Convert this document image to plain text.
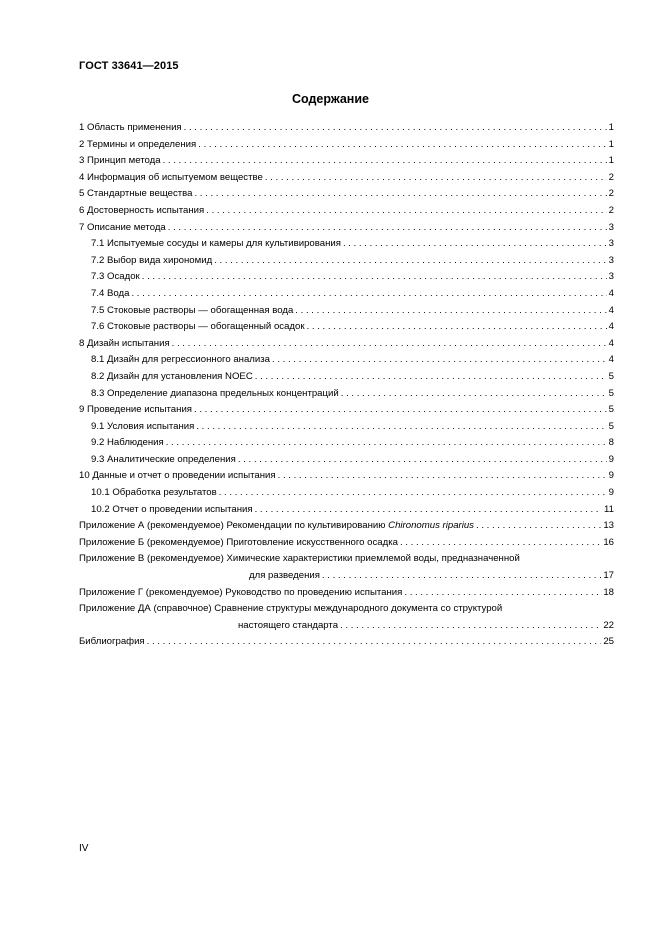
ГОСТ 33641—2015
Содержание
1 Область применения . . .	1
2 Термины и определения . . .	1
3 Принцип метода . . .	1
4 Информация об испытуемом веществе . . .	2
5 Стандартные вещества . . .	2
6 Достоверность испытания . . .	2
7 Описание метода . . .	3
7.1 Испытуемые сосуды и камеры для культивирования . . .	3
7.2 Выбор вида хирономид . . .	3
7.3 Осадок . . .	3
7.4 Вода . . .	4
7.5 Стоковые растворы — обогащенная вода . . .	4
7.6 Стоковые растворы — обогащенный осадок . . .	4
8 Дизайн испытания . . .	4
8.1 Дизайн для регрессионного анализа . . .	4
8.2 Дизайн для установления NOEC . . .	5
8.3 Определение диапазона предельных концентраций . . .	5
9 Проведение испытания . . .	5
9.1 Условия испытания . . .	5
9.2 Наблюдения . . .	8
9.3 Аналитические определения . . .	9
10 Данные и отчет о проведении испытания . . .	9
10.1 Обработка результатов . . .	9
10.2 Отчет о проведении испытания . . .	11
Приложение А (рекомендуемое) Рекомендации по культивированию Chironomus riparius . . .	13
Приложение Б (рекомендуемое) Приготовление искусственного осадка . . .	16
Приложение В (рекомендуемое) Химические характеристики приемлемой воды, предназначенной
для разведения . . .	17
Приложение Г (рекомендуемое) Руководство по проведению испытания . . .	18
Приложение ДА (справочное) Сравнение структуры международного документа со структурой
настоящего стандарта . . .	22
Библиография . . .	25
IV
